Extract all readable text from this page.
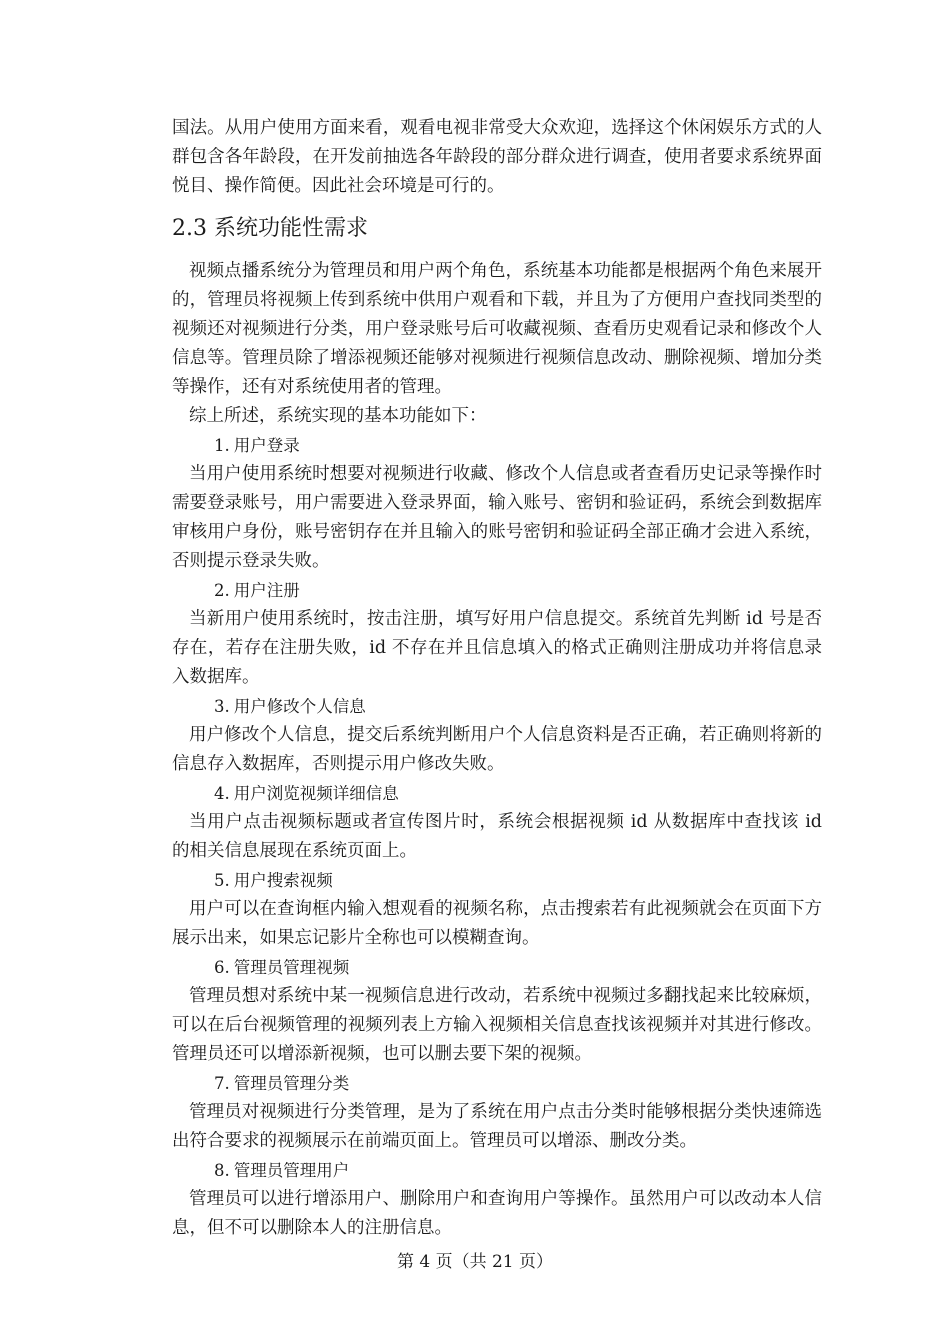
国法。从用户使用方面来看，观看电视非常受大众欢迎，选择这个休闲娱乐方式的人群包含各年龄段，在开发前抽选各年龄段的部分群众进行调查，使用者要求系统界面悦目、操作简便。因此社会环境是可行的。

2.3 系统功能性需求

视频点播系统分为管理员和用户两个角色，系统基本功能都是根据两个角色来展开的，管理员将视频上传到系统中供用户观看和下载，并且为了方便用户查找同类型的视频还对视频进行分类，用户登录账号后可收藏视频、查看历史观看记录和修改个人信息等。管理员除了增添视频还能够对视频进行视频信息改动、删除视频、增加分类等操作，还有对系统使用者的管理。

综上所述，系统实现的基本功能如下：

1. 用户登录

当用户使用系统时想要对视频进行收藏、修改个人信息或者查看历史记录等操作时需要登录账号，用户需要进入登录界面，输入账号、密钥和验证码，系统会到数据库审核用户身份，账号密钥存在并且输入的账号密钥和验证码全部正确才会进入系统，否则提示登录失败。

2. 用户注册

当新用户使用系统时，按击注册，填写好用户信息提交。系统首先判断 id 号是否存在，若存在注册失败，id 不存在并且信息填入的格式正确则注册成功并将信息录入数据库。

3. 用户修改个人信息

用户修改个人信息，提交后系统判断用户个人信息资料是否正确，若正确则将新的信息存入数据库，否则提示用户修改失败。

4. 用户浏览视频详细信息

当用户点击视频标题或者宣传图片时，系统会根据视频 id 从数据库中查找该 id 的相关信息展现在系统页面上。

5. 用户搜索视频

用户可以在查询框内输入想观看的视频名称，点击搜索若有此视频就会在页面下方展示出来，如果忘记影片全称也可以模糊查询。

6. 管理员管理视频

管理员想对系统中某一视频信息进行改动，若系统中视频过多翻找起来比较麻烦，可以在后台视频管理的视频列表上方输入视频相关信息查找该视频并对其进行修改。管理员还可以增添新视频，也可以删去要下架的视频。

7. 管理员管理分类

管理员对视频进行分类管理，是为了系统在用户点击分类时能够根据分类快速筛选出符合要求的视频展示在前端页面上。管理员可以增添、删改分类。

8. 管理员管理用户

管理员可以进行增添用户、删除用户和查询用户等操作。虽然用户可以改动本人信息，但不可以删除本人的注册信息。

第 4 页（共 21 页）
